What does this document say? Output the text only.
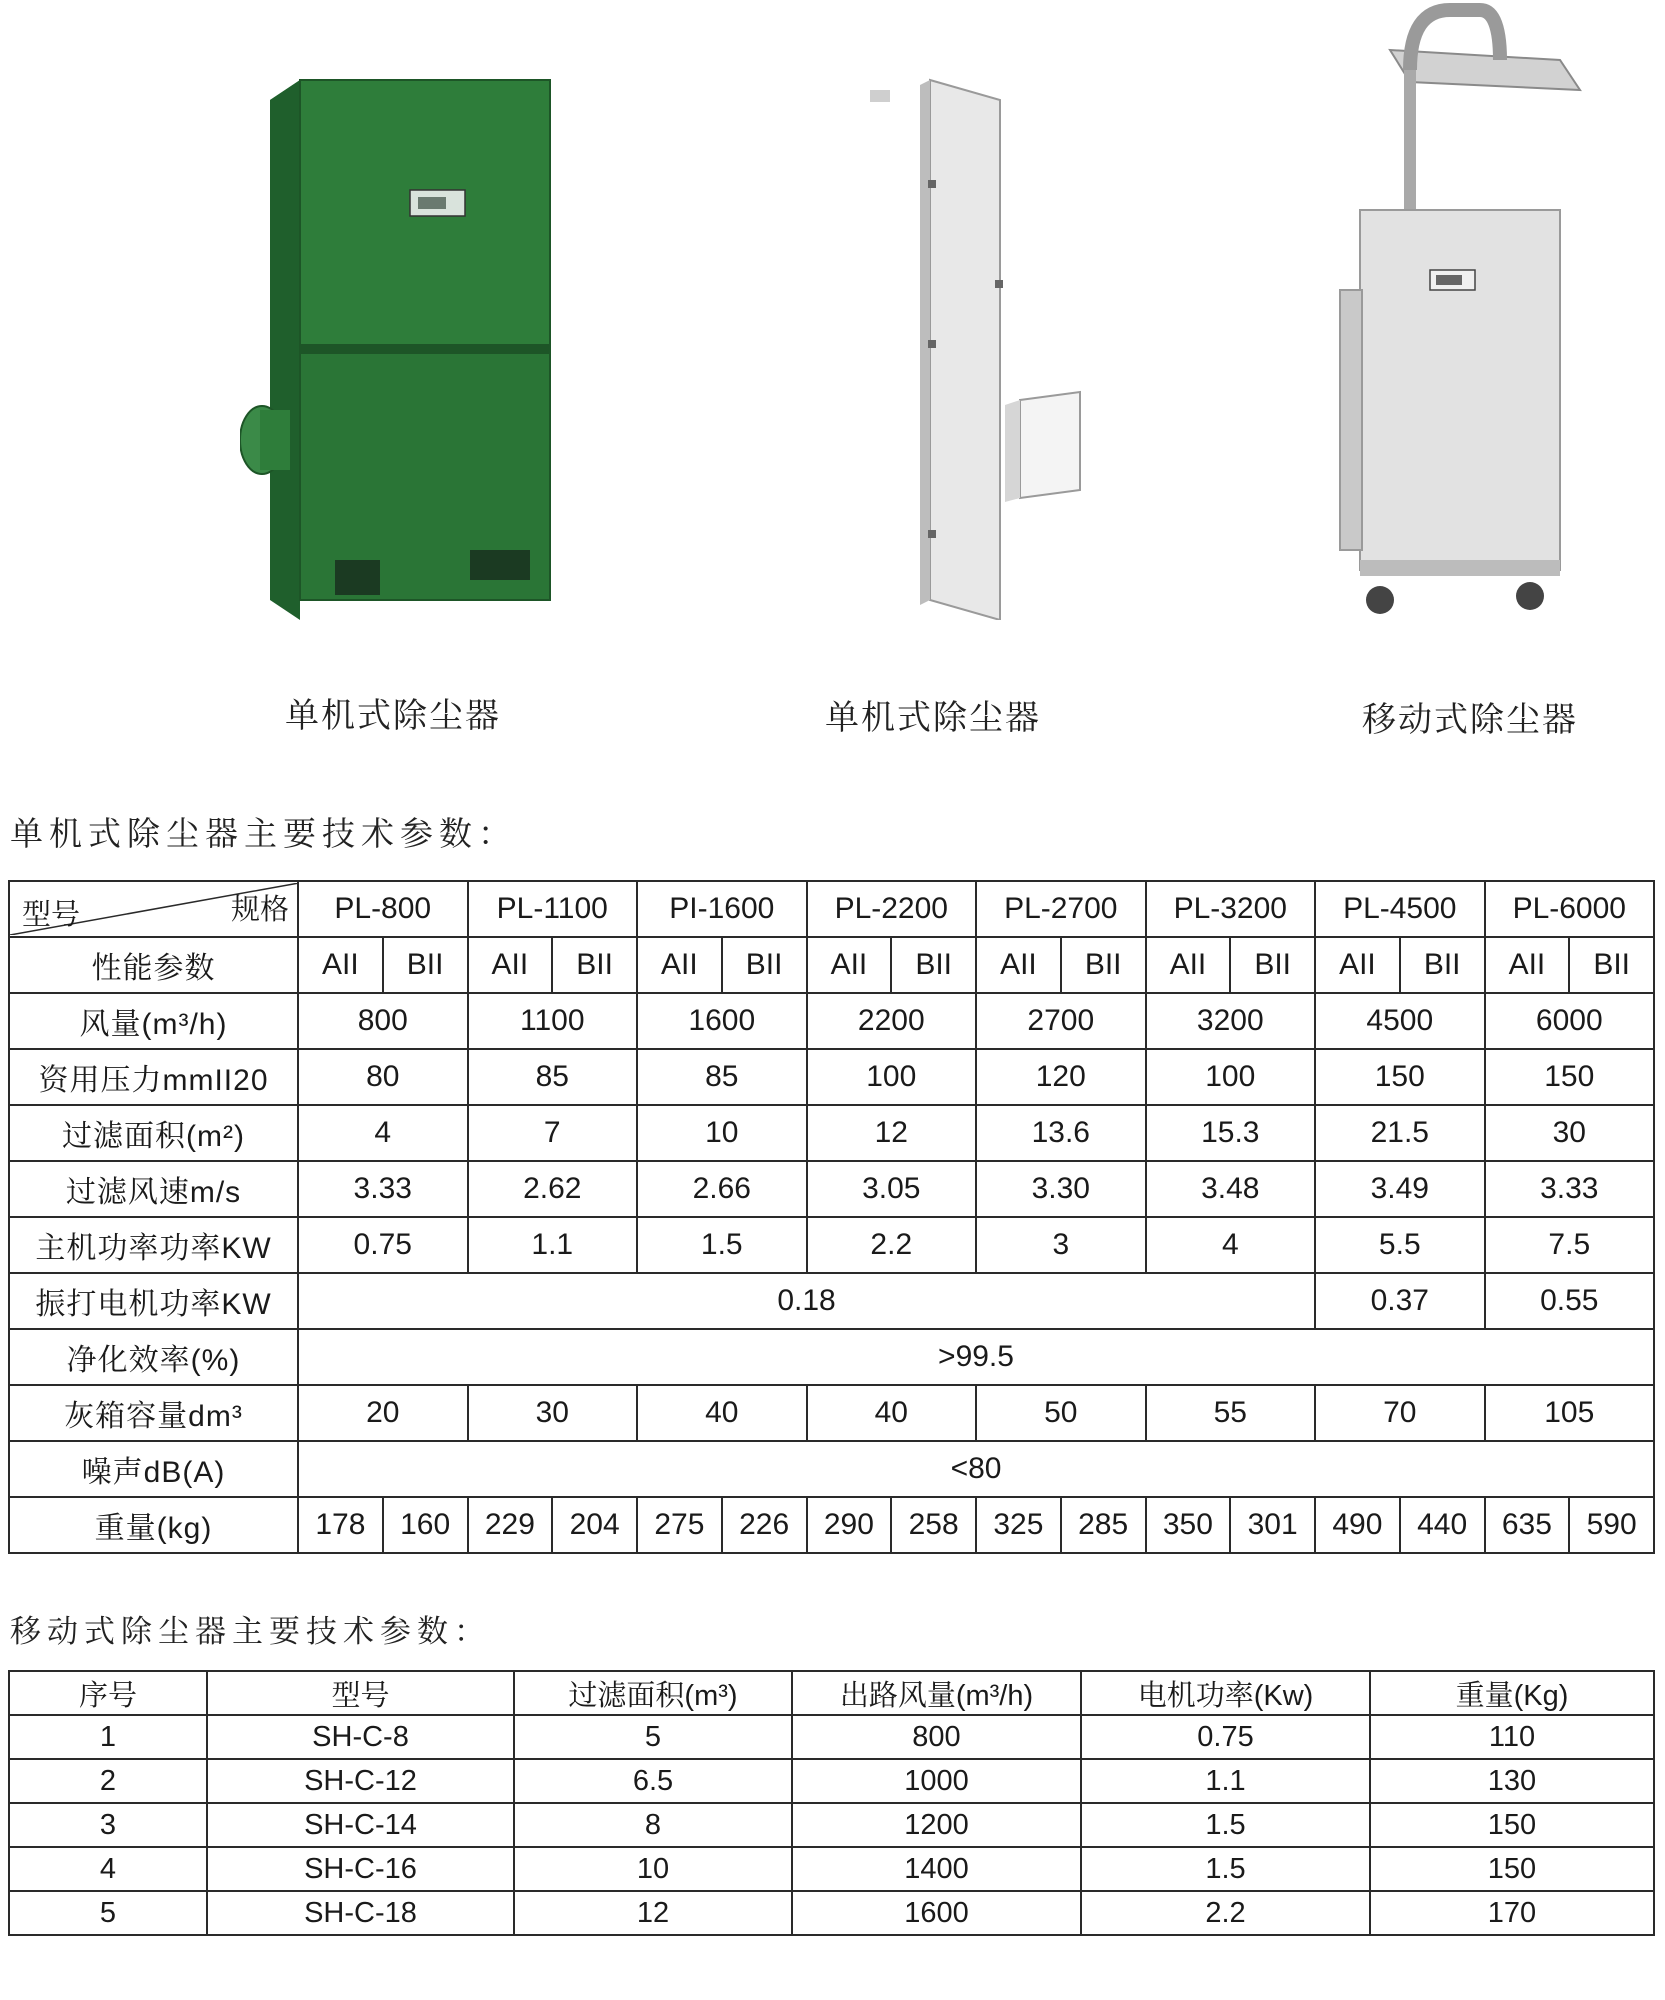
单机式除尘器	单机式除尘器	移动式除尘器
单机式除尘器主要技术参数：
型号 规格	PL-800		PL-1100		PI-1600		PL-2200		PL-2700		PL-3200		PL-4500		PL-6000	
性能参数	AII	BII	AII	BII	AII	BII	AII	BII	AII	BII	AII	BII	AII	BII	AII	BII
风量(m³/h)	800		1100		1600		2200		2700		3200		4500		6000	
资用压力mmII20	80		85		85		100		120		100		150		150	
过滤面积(m²)	4		7		10		12		13.6		15.3		21.5		30	
过滤风速m/s	3.33		2.62		2.66		3.05		3.30		3.48		3.49		3.33	
主机功率功率KW	0.75		1.1		1.5		2.2		3		4		5.5		7.5	
振打电机功率KW	0.18												0.37		0.55	
净化效率(%)	>99.5															
灰箱容量dm³	20		30		40		40		50		55		70		105	
噪声dB(A)	<80															
重量(kg)	178	160	229	204	275	226	290	258	325	285	350	301	490	440	635	590
移动式除尘器主要技术参数：
序号	型号	过滤面积(m³)	出路风量(m³/h)	电机功率(Kw)	重量(Kg)
1	SH-C-8	5	800	0.75	110
2	SH-C-12	6.5	1000	1.1	130
3	SH-C-14	8	1200	1.5	150
4	SH-C-16	10	1400	1.5	150
5	SH-C-18	12	1600	2.2	170
